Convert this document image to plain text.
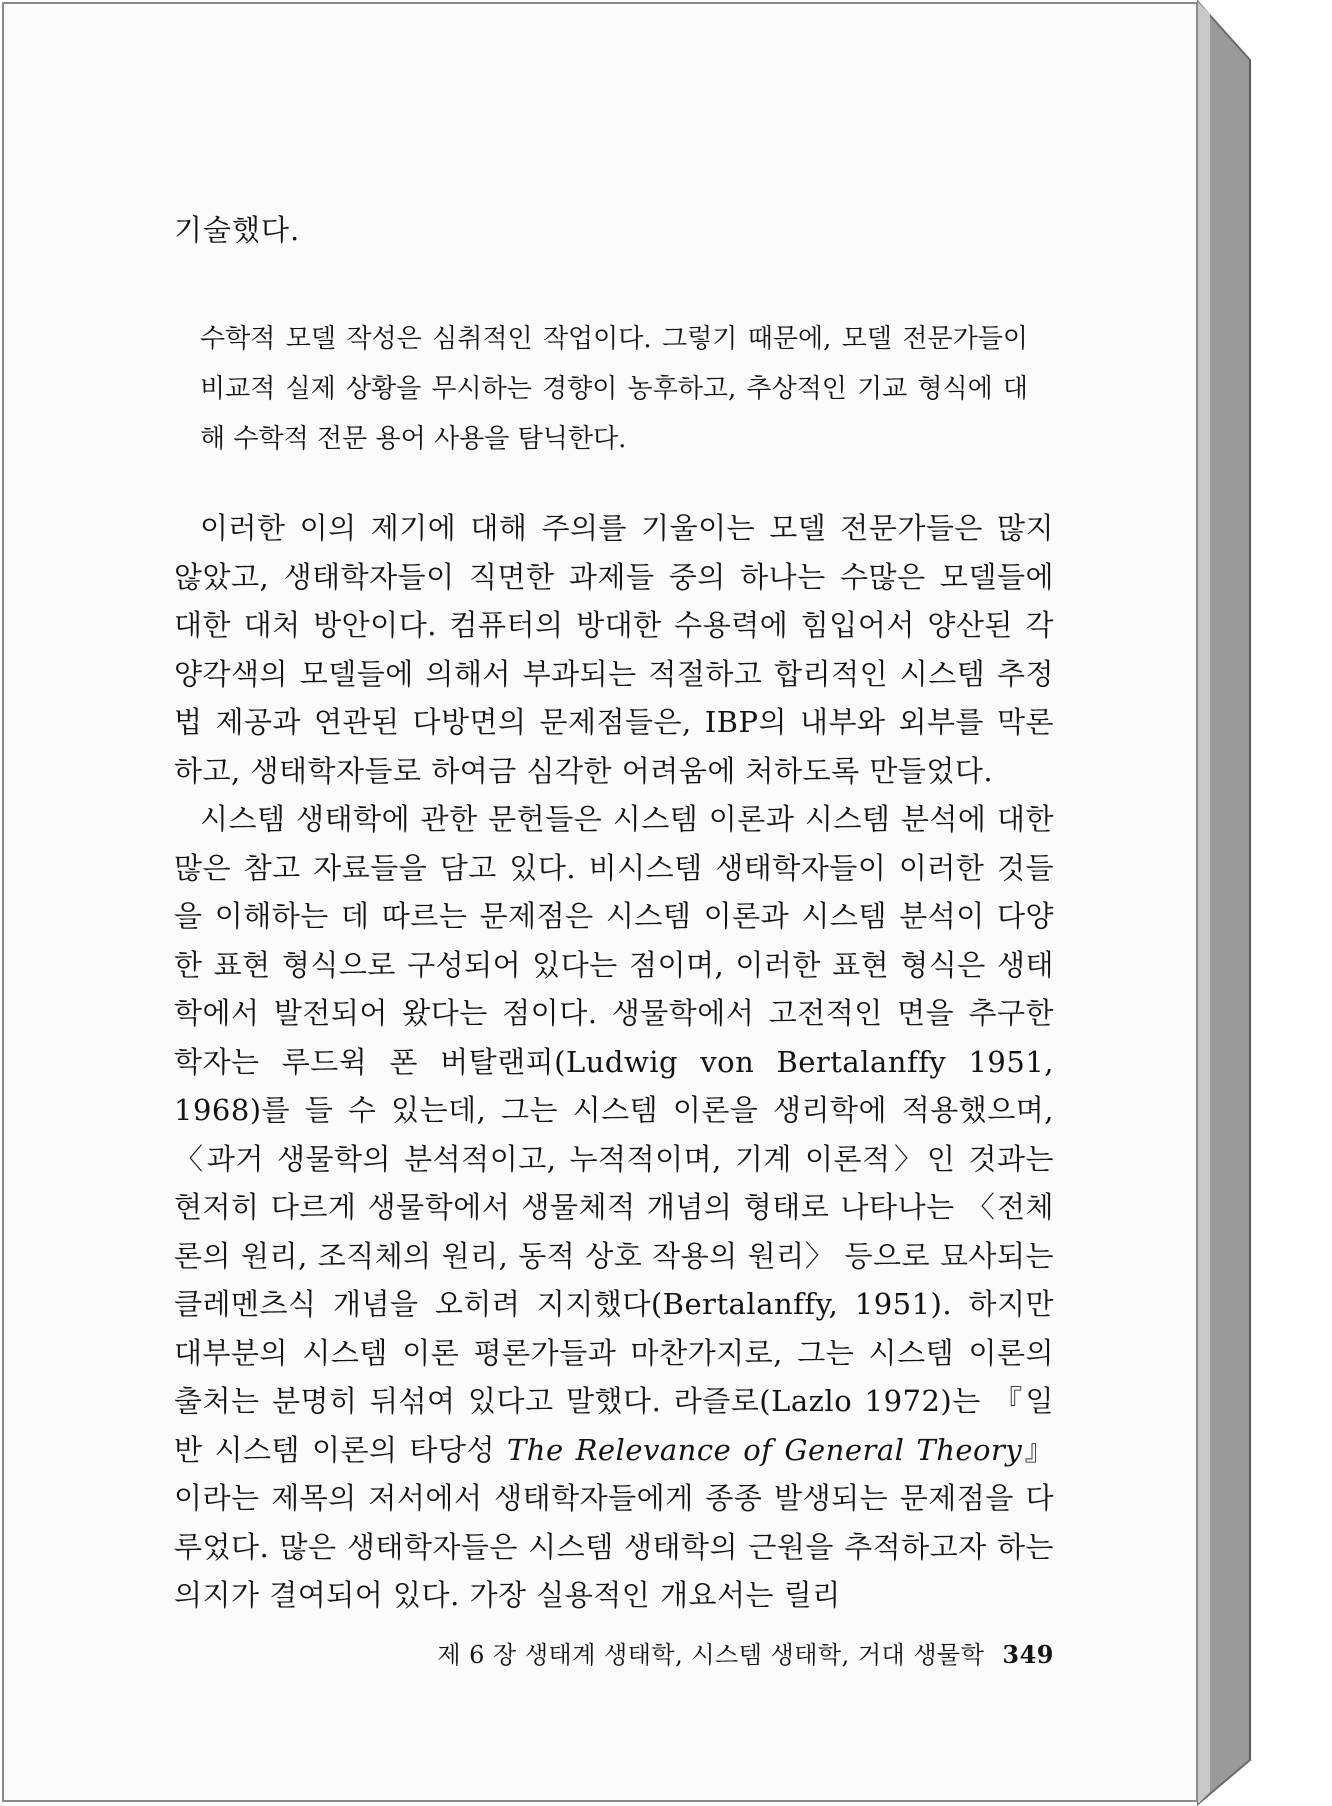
기술했다.

수학적 모델 작성은 심취적인 작업이다. 그렇기 때문에, 모델 전문가들이 비교적 실제 상황을 무시하는 경향이 농후하고, 추상적인 기교 형식에 대해 수학적 전문 용어 사용을 탐닉한다.

이러한 이의 제기에 대해 주의를 기울이는 모델 전문가들은 많지 않았고, 생태학자들이 직면한 과제들 중의 하나는 수많은 모델들에 대한 대처 방안이다. 컴퓨터의 방대한 수용력에 힘입어서 양산된 각양각색의 모델들에 의해서 부과되는 적절하고 합리적인 시스템 추정법 제공과 연관된 다방면의 문제점들은, IBP의 내부와 외부를 막론하고, 생태학자들로 하여금 심각한 어려움에 처하도록 만들었다.

시스템 생태학에 관한 문헌들은 시스템 이론과 시스템 분석에 대한 많은 참고 자료들을 담고 있다. 비시스템 생태학자들이 이러한 것들을 이해하는 데 따르는 문제점은 시스템 이론과 시스템 분석이 다양한 표현 형식으로 구성되어 있다는 점이며, 이러한 표현 형식은 생태학에서 발전되어 왔다는 점이다. 생물학에서 고전적인 면을 추구한 학자는 루드윅 폰 버탈랜피(Ludwig von Bertalanffy 1951, 1968)를 들 수 있는데, 그는 시스템 이론을 생리학에 적용했으며, 〈과거 생물학의 분석적이고, 누적적이며, 기계 이론적〉인 것과는 현저히 다르게 생물학에서 생물체적 개념의 형태로 나타나는 〈전체론의 원리, 조직체의 원리, 동적 상호 작용의 원리〉 등으로 묘사되는 클레멘츠식 개념을 오히려 지지했다(Bertalanffy, 1951). 하지만 대부분의 시스템 이론 평론가들과 마찬가지로, 그는 시스템 이론의 출처는 분명히 뒤섞여 있다고 말했다. 라즐로(Lazlo 1972)는 『일반 시스템 이론의 타당성 The Relevance of General Theory』이라는 제목의 저서에서 생태학자들에게 종종 발생되는 문제점을 다루었다. 많은 생태학자들은 시스템 생태학의 근원을 추적하고자 하는 의지가 결여되어 있다. 가장 실용적인 개요서는 릴리

제 6 장 생태계 생태학, 시스템 생태학, 거대 생물학 349
